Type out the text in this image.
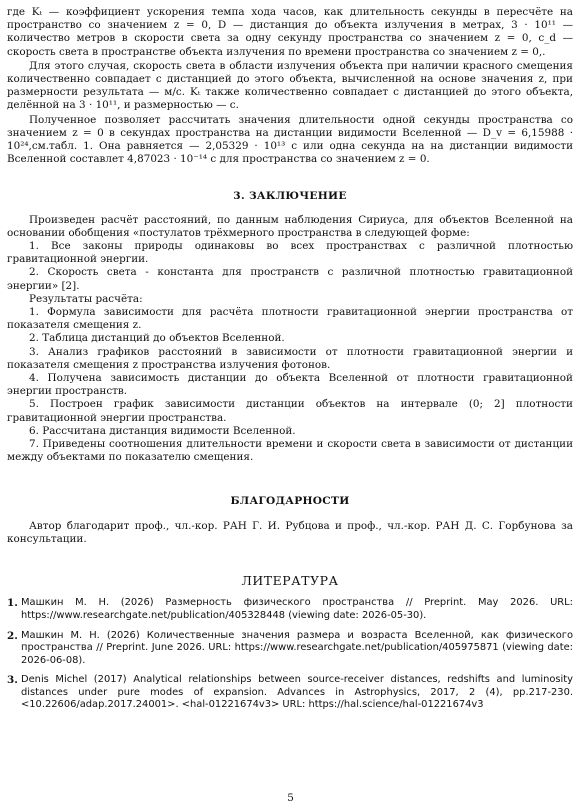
где Kₜ — коэффициент ускорения темпа хода часов, как длительность секунды в пересчёте на пространство со значением z = 0, D — дистанция до объекта излучения в метрах, 3 · 10¹¹ — количество метров в скорости света за одну секунду пространства со значением z = 0, c_d — скорость света в пространстве объекта излучения по времени пространства со значением z = 0,.

Для этого случая, скорость света в области излучения объекта при наличии красного смещения количественно совпадает с дистанцией до этого объекта, вычисленной на основе значения z, при размерности результата — м/с. Kₜ также количественно совпадает с дистанцией до этого объекта, делённой на 3 · 10¹¹, и размерностью — с.

Полученное позволяет рассчитать значения длительности одной секунды пространства со значением z = 0 в секундах пространства на дистанции видимости Вселенной — D_v = 6,15988 · 10²⁴,см.табл. 1. Она равняется — 2,05329 · 10¹³ с или одна секунда на на дистанции видимости Вселенной составлет 4,87023 · 10⁻¹⁴ с для пространства со значением z = 0.

3. ЗАКЛЮЧЕНИЕ

Произведен расчёт расстояний, по данным наблюдения Сириуса, для объектов Вселенной на основании обобщения «постулатов трёхмерного пространства в следующей форме:

1. Все законы природы одинаковы во всех пространствах с различной плотностью гравитационной энергии.

2. Скорость света - константа для пространств с различной плотностью гравитационной энергии» [2].

Результаты расчёта:

1. Формула зависимости для расчёта плотности гравитационной энергии пространства от показателя смещения z.

2. Таблица дистанций до объектов Вселенной.

3. Анализ графиков расстояний в зависимости от плотности гравитационной энергии и показателя смещения z пространства излучения фотонов.

4. Получена зависимость дистанции до объекта Вселенной от плотности гравитационной энергии пространств.

5. Построен график зависимости дистанции объектов на интервале (0; 2] плотности гравитационной энергии пространства.

6. Рассчитана дистанция видимости Вселенной.

7. Приведены соотношения длительности времени и скорости света в зависимости от дистанции между объектами по показателю смещения.

БЛАГОДАРНОСТИ

Автор благодарит проф., чл.-кор. РАН Г. И. Рубцова и проф., чл.-кор. РАН Д. С. Горбунова за консультации.

ЛИТЕРАТУРА
1. Машкин М. Н. (2026) Размерность физического пространства // Preprint. May 2026. URL: https://www.researchgate.net/publication/405328448 (viewing date: 2026-05-30).
2. Машкин М. Н. (2026) Количественные значения размера и возраста Вселенной, как физического пространства // Preprint. June 2026. URL: https://www.researchgate.net/publication/405975871 (viewing date: 2026-06-08).
3. Denis Michel (2017) Analytical relationships between source-receiver distances, redshifts and luminosity distances under pure modes of expansion. Advances in Astrophysics, 2017, 2 (4), pp.217-230. <10.22606/adap.2017.24001>. <hal-01221674v3> URL: https://hal.science/hal-01221674v3
5
